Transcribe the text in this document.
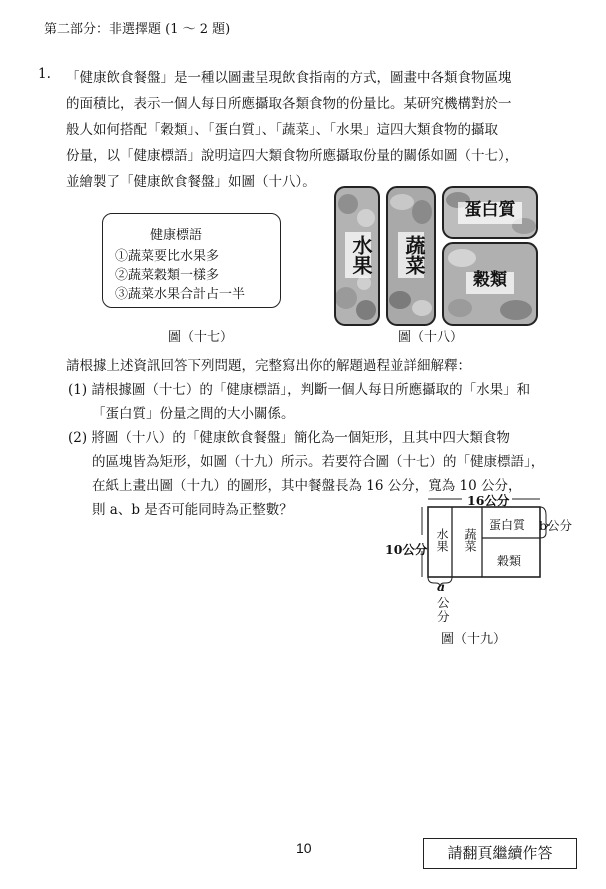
第二部分：非選擇題 (1 ～ 2 題)
1. 「健康飲食餐盤」是一種以圖畫呈現飲食指南的方式，圖畫中各類食物區塊
的面積比，表示一個人每日所應攝取各類食物的份量比。某研究機構對於一
般人如何搭配「穀類」、「蛋白質」、「蔬菜」、「水果」這四大類食物的攝取
份量，以「健康標語」說明這四大類食物所應攝取份量的關係如圖（十七），
並繪製了「健康飲食餐盤」如圖（十八）。
健康標語
①蔬菜要比水果多
②蔬菜穀類一樣多
③蔬菜水果合計占一半
圖（十七）
水果 蔬菜
蛋白質
穀類
圖（十八）
請根據上述資訊回答下列問題，完整寫出你的解題過程並詳細解釋：
(1) 請根據圖（十七）的「健康標語」，判斷一個人每日所應攝取的「水果」和
「蛋白質」份量之間的大小關係。
(2) 將圖（十八）的「健康飲食餐盤」簡化為一個矩形，且其中四大類食物
的區塊皆為矩形，如圖（十九）所示。若要符合圖（十七）的「健康標語」，
在紙上畫出圖（十九）的圖形，其中餐盤長為 16 公分，寬為 10 公分，
則 a、b 是否可能同時為正整數？
16公分
10公分
b公分
水果 蔬菜
蛋白質
穀類
a
公
分
圖（十九）
10	請翻頁繼續作答
